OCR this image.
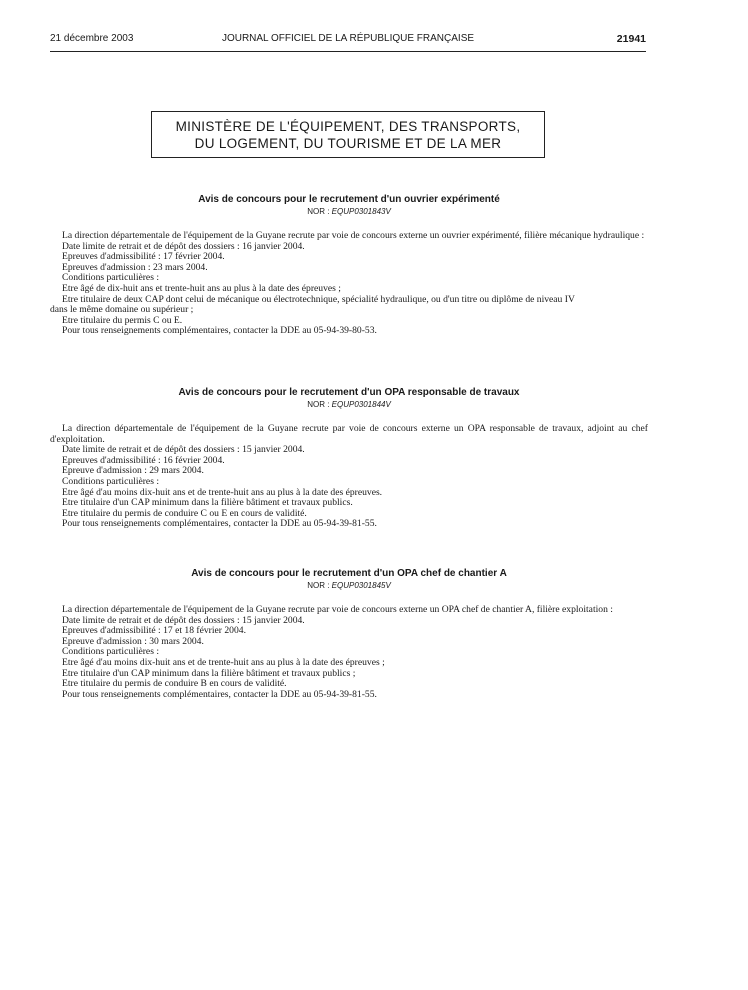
21 décembre 2003	JOURNAL OFFICIEL DE LA RÉPUBLIQUE FRANÇAISE	21941
MINISTÈRE DE L'ÉQUIPEMENT, DES TRANSPORTS,
DU LOGEMENT, DU TOURISME ET DE LA MER
Avis de concours pour le recrutement d'un ouvrier expérimenté
NOR : EQUP0301843V

La direction départementale de l'équipement de la Guyane recrute par voie de concours externe un ouvrier expérimenté, filière mécanique hydraulique :

Date limite de retrait et de dépôt des dossiers : 16 janvier 2004.

Epreuves d'admissibilité : 17 février 2004.

Epreuves d'admission : 23 mars 2004.

Conditions particulières :

Etre âgé de dix-huit ans et trente-huit ans au plus à la date des épreuves ;

Etre titulaire de deux CAP dont celui de mécanique ou électrotechnique, spécialité hydraulique, ou d'un titre ou diplôme de niveau IV

dans le même domaine ou supérieur ;

Etre titulaire du permis C ou E.

Pour tous renseignements complémentaires, contacter la DDE au 05-94-39-80-53.

Avis de concours pour le recrutement d'un OPA responsable de travaux
NOR : EQUP0301844V

La direction départementale de l'équipement de la Guyane recrute par voie de concours externe un OPA responsable de travaux, adjoint au chef d'exploitation.

Date limite de retrait et de dépôt des dossiers : 15 janvier 2004.

Epreuves d'admissibilité : 16 février 2004.

Epreuve d'admission : 29 mars 2004.

Conditions particulières :

Etre âgé d'au moins dix-huit ans et de trente-huit ans au plus à la date des épreuves.

Etre titulaire d'un CAP minimum dans la filière bâtiment et travaux publics.

Etre titulaire du permis de conduire C ou E en cours de validité.

Pour tous renseignements complémentaires, contacter la DDE au 05-94-39-81-55.

Avis de concours pour le recrutement d'un OPA chef de chantier A
NOR : EQUP0301845V

La direction départementale de l'équipement de la Guyane recrute par voie de concours externe un OPA chef de chantier A, filière exploitation :

Date limite de retrait et de dépôt des dossiers : 15 janvier 2004.

Epreuves d'admissibilité : 17 et 18 février 2004.

Epreuve d'admission : 30 mars 2004.

Conditions particulières :

Etre âgé d'au moins dix-huit ans et de trente-huit ans au plus à la date des épreuves ;

Etre titulaire d'un CAP minimum dans la filière bâtiment et travaux publics ;

Etre titulaire du permis de conduire B en cours de validité.

Pour tous renseignements complémentaires, contacter la DDE au 05-94-39-81-55.
